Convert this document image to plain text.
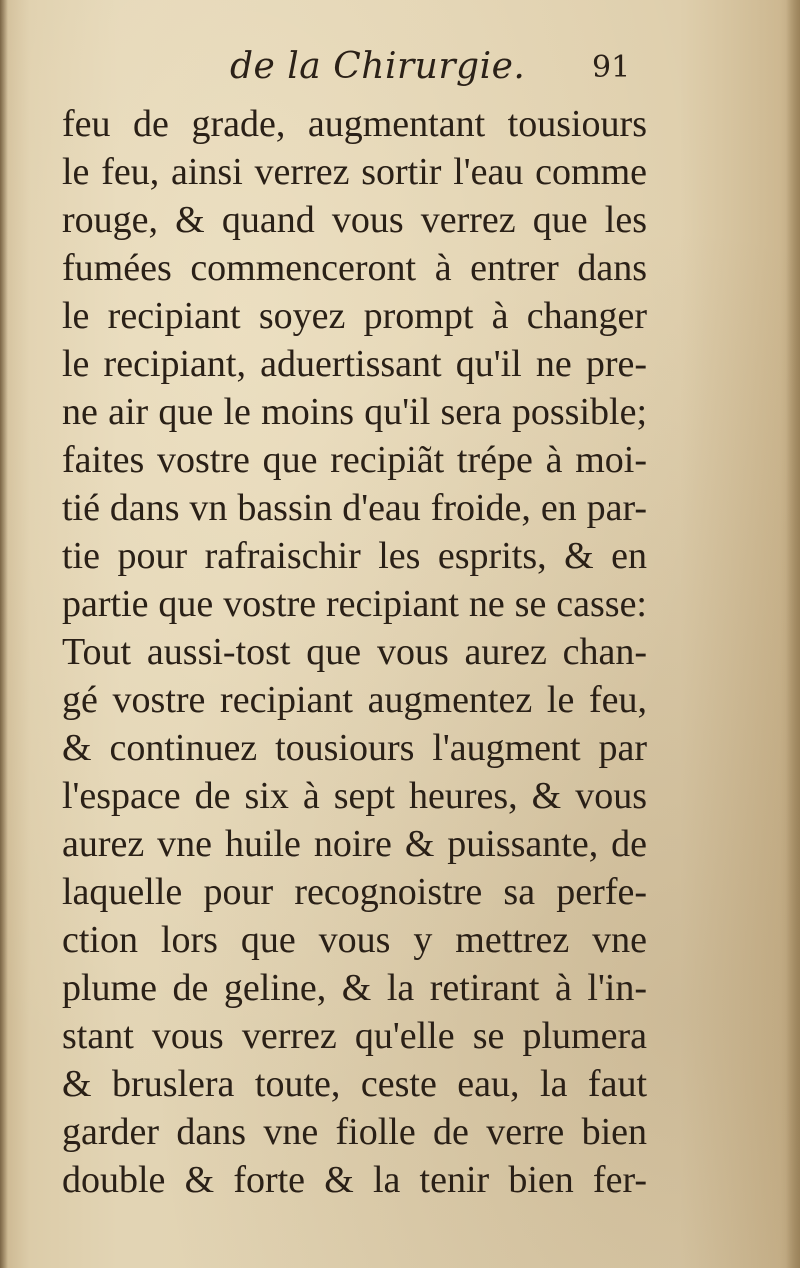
de la Chirurgie. 91
feu de grade, augmentant tousiours
le feu, ainsi verrez sortir l'eau comme
rouge, & quand vous verrez que les
fumées commenceront à entrer dans
le recipiant soyez prompt à changer
le recipiant, aduertissant qu'il ne pre-
ne air que le moins qu'il sera possible;
faites vostre que recipiãt trépe à moi-
tié dans vn bassin d'eau froide, en par-
tie pour rafraischir les esprits, & en
partie que vostre recipiant ne se casse:
Tout aussi-tost que vous aurez chan-
gé vostre recipiant augmentez le feu,
& continuez tousiours l'augment par
l'espace de six à sept heures, & vous
aurez vne huile noire & puissante, de
laquelle pour recognoistre sa perfe-
ction lors que vous y mettrez vne
plume de geline, & la retirant à l'in-
stant vous verrez qu'elle se plumera
& bruslera toute, ceste eau, la faut
garder dans vne fiolle de verre bien
double & forte & la tenir bien fer-
